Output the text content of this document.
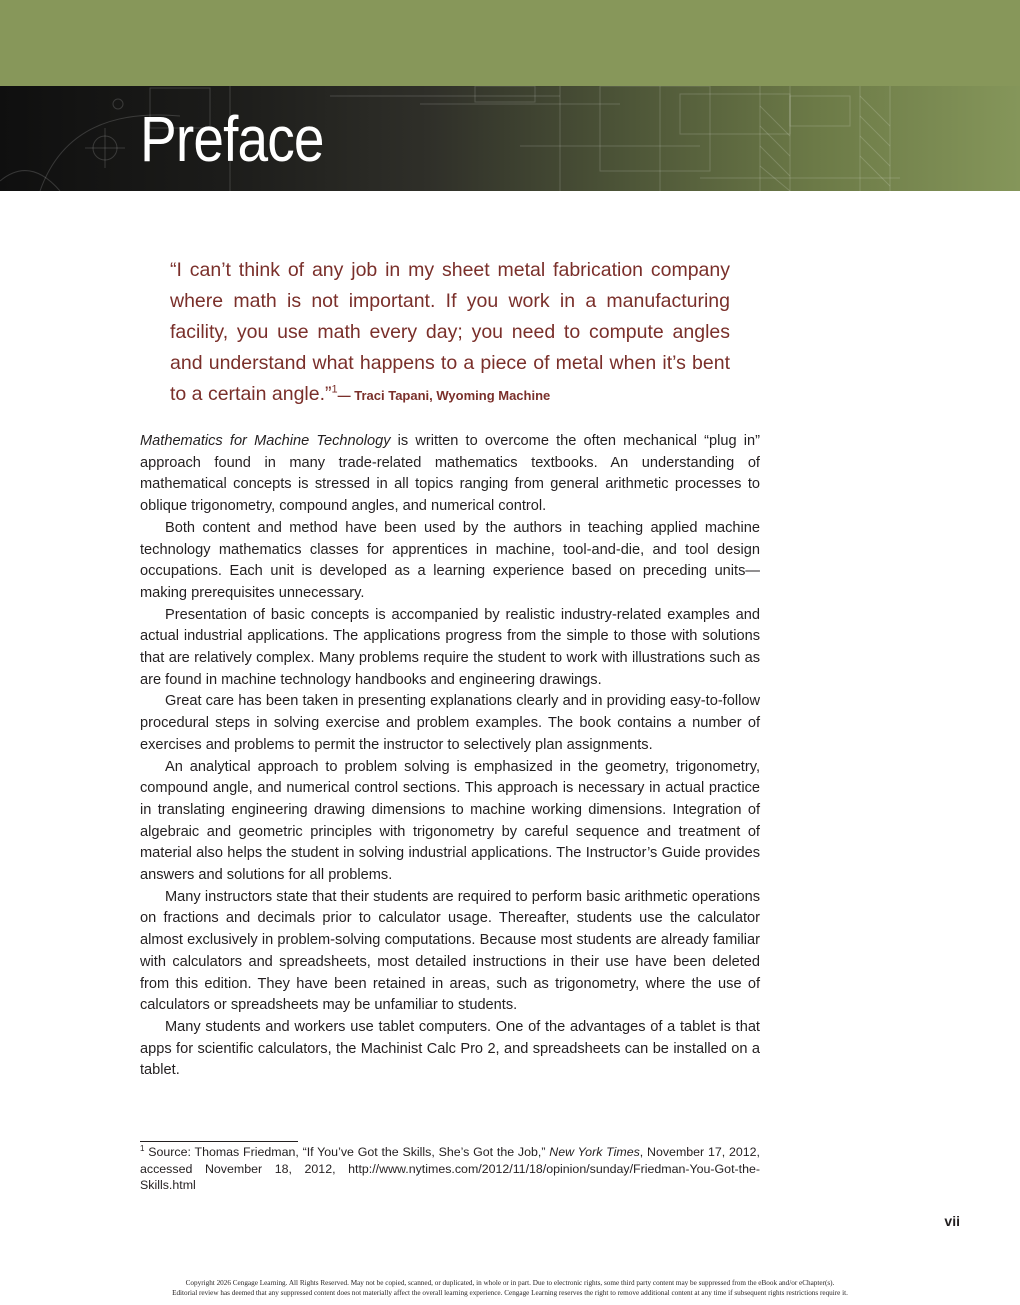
Preface
“I can’t think of any job in my sheet metal fabrication company where math is not important. If you work in a manufacturing facility, you use math every day; you need to compute angles and understand what happens to a piece of metal when it’s bent to a certain angle.”$^1$— Traci Tapani, Wyoming Machine

Mathematics for Machine Technology is written to overcome the often mechanical “plug in” approach found in many trade-related mathematics textbooks. An understanding of mathematical concepts is stressed in all topics ranging from general arithmetic processes to oblique trigonometry, compound angles, and numerical control.

Both content and method have been used by the authors in teaching applied machine technology mathematics classes for apprentices in machine, tool-and-die, and tool design occupations. Each unit is developed as a learning experience based on preceding units—making prerequisites unnecessary.

Presentation of basic concepts is accompanied by realistic industry-related examples and actual industrial applications. The applications progress from the simple to those with solutions that are relatively complex. Many problems require the student to work with illustrations such as are found in machine technology handbooks and engineering drawings.

Great care has been taken in presenting explanations clearly and in providing easy-to-follow procedural steps in solving exercise and problem examples. The book contains a number of exercises and problems to permit the instructor to selectively plan assignments.

An analytical approach to problem solving is emphasized in the geometry, trigonometry, compound angle, and numerical control sections. This approach is necessary in actual practice in translating engineering drawing dimensions to machine working dimensions. Integration of algebraic and geometric principles with trigonometry by careful sequence and treatment of material also helps the student in solving industrial applications. The Instructor’s Guide provides answers and solutions for all problems.

Many instructors state that their students are required to perform basic arithmetic operations on fractions and decimals prior to calculator usage. Thereafter, students use the calculator almost exclusively in problem-solving computations. Because most students are already familiar with calculators and spreadsheets, most detailed instructions in their use have been deleted from this edition. They have been retained in areas, such as trigonometry, where the use of calculators or spreadsheets may be unfamiliar to students.

Many students and workers use tablet computers. One of the advantages of a tablet is that apps for scientific calculators, the Machinist Calc Pro 2, and spreadsheets can be installed on a tablet.

$^1$ Source: Thomas Friedman, “If You’ve Got the Skills, She’s Got the Job,” New York Times, November 17, 2012, accessed November 18, 2012, http://www.nytimes.com/2012/11/18/opinion/sunday/Friedman-You-Got-the-Skills.html
vii
Copyright 2026 Cengage Learning. All Rights Reserved. May not be copied, scanned, or duplicated, in whole or in part. Due to electronic rights, some third party content may be suppressed from the eBook and/or eChapter(s).
Editorial review has deemed that any suppressed content does not materially affect the overall learning experience. Cengage Learning reserves the right to remove additional content at any time if subsequent rights restrictions require it.
